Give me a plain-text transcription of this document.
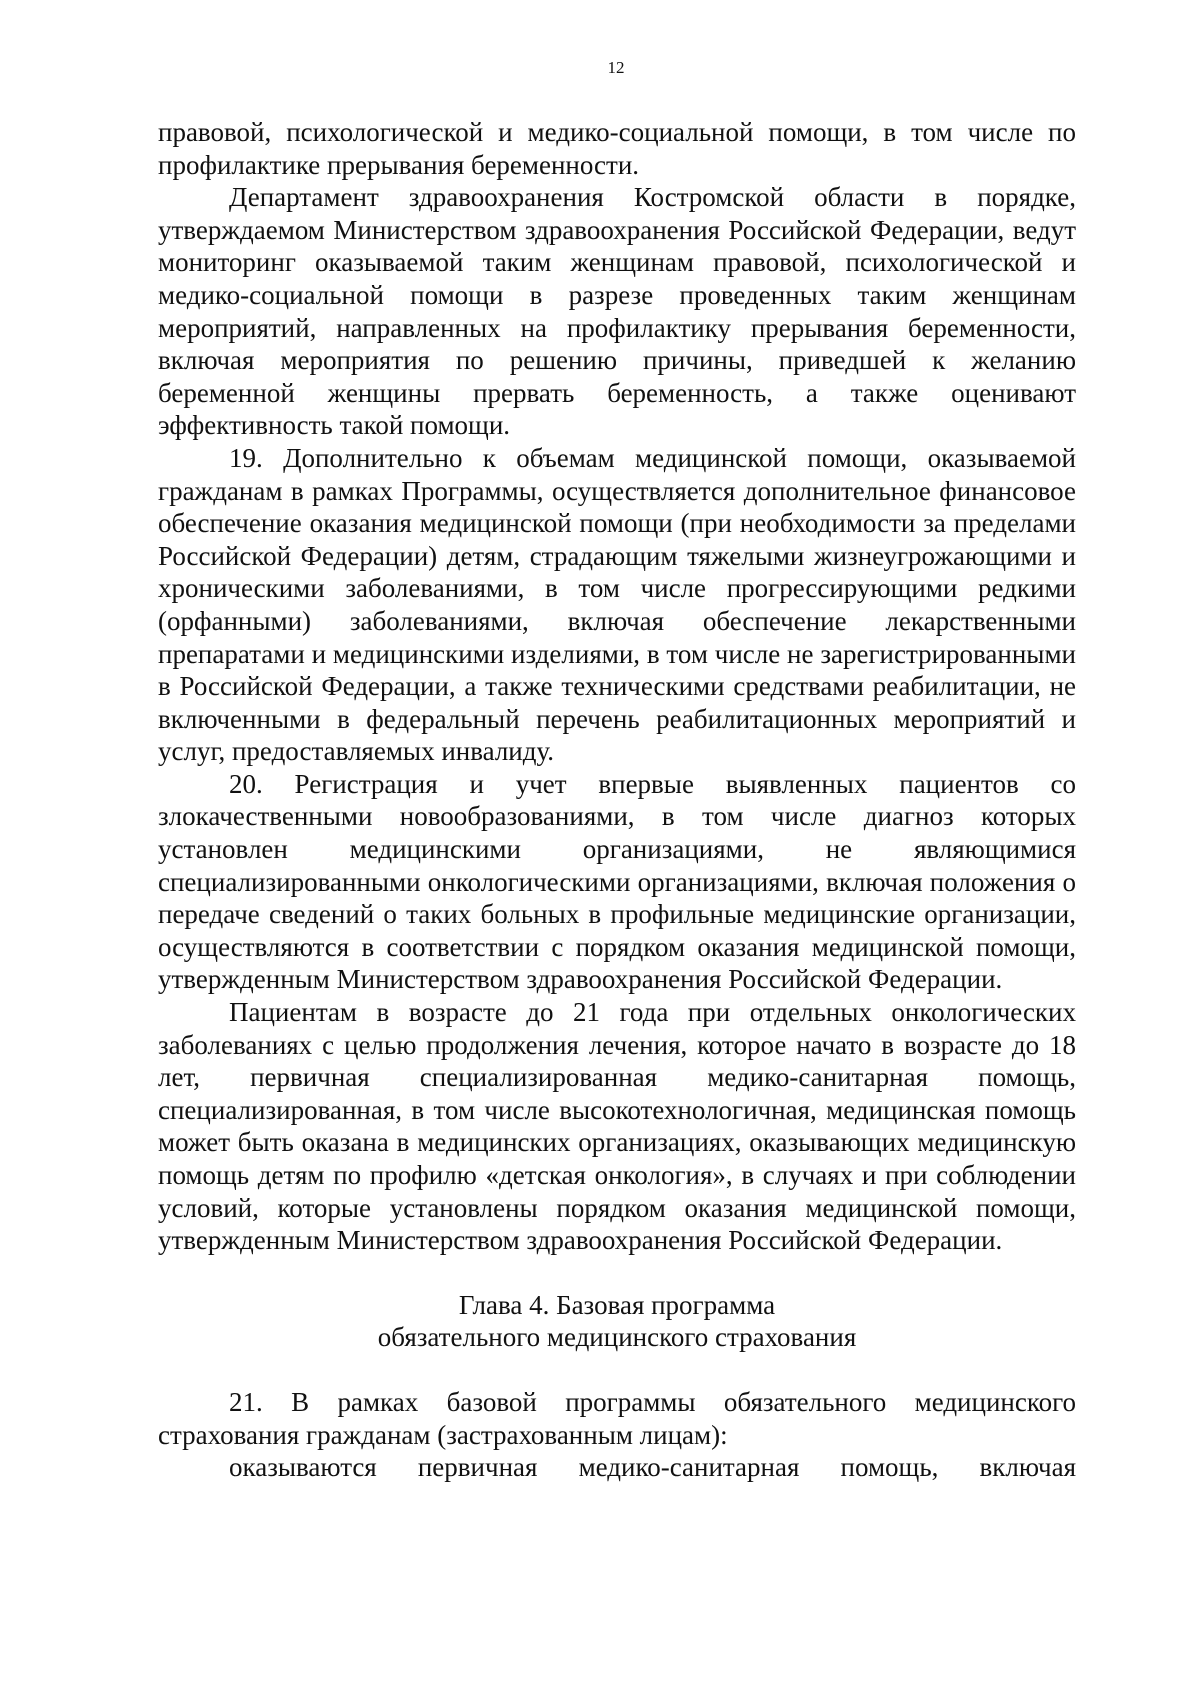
12

правовой, психологической и медико-социальной помощи, в том числе по профилактике прерывания беременности.

Департамент здравоохранения Костромской области в порядке, утверждаемом Министерством здравоохранения Российской Федерации, ведут мониторинг оказываемой таким женщинам правовой, психологической и медико-социальной помощи в разрезе проведенных таким женщинам мероприятий, направленных на профилактику прерывания беременности, включая мероприятия по решению причины, приведшей к желанию беременной женщины прервать беременность, а также оценивают эффективность такой помощи.

19. Дополнительно к объемам медицинской помощи, оказываемой гражданам в рамках Программы, осуществляется дополнительное финансовое обеспечение оказания медицинской помощи (при необходимости за пределами Российской Федерации) детям, страдающим тяжелыми жизнеугрожающими и хроническими заболеваниями, в том числе прогрессирующими редкими (орфанными) заболеваниями, включая обеспечение лекарственными препаратами и медицинскими изделиями, в том числе не зарегистрированными в Российской Федерации, а также техническими средствами реабилитации, не включенными в федеральный перечень реабилитационных мероприятий и услуг, предоставляемых инвалиду.

20. Регистрация и учет впервые выявленных пациентов со злокачественными новообразованиями, в том числе диагноз которых установлен медицинскими организациями, не являющимися специализированными онкологическими организациями, включая положения о передаче сведений о таких больных в профильные медицинские организации, осуществляются в соответствии с порядком оказания медицинской помощи, утвержденным Министерством здравоохранения Российской Федерации.

Пациентам в возрасте до 21 года при отдельных онкологических заболеваниях с целью продолжения лечения, которое начато в возрасте до 18 лет, первичная специализированная медико-санитарная помощь, специализированная, в том числе высокотехнологичная, медицинская помощь может быть оказана в медицинских организациях, оказывающих медицинскую помощь детям по профилю «детская онкология», в случаях и при соблюдении условий, которые установлены порядком оказания медицинской помощи, утвержденным Министерством здравоохранения Российской Федерации.

Глава 4. Базовая программа
обязательного медицинского страхования

21. В рамках базовой программы обязательного медицинского страхования гражданам (застрахованным лицам):

оказываются первичная медико-санитарная помощь, включая
